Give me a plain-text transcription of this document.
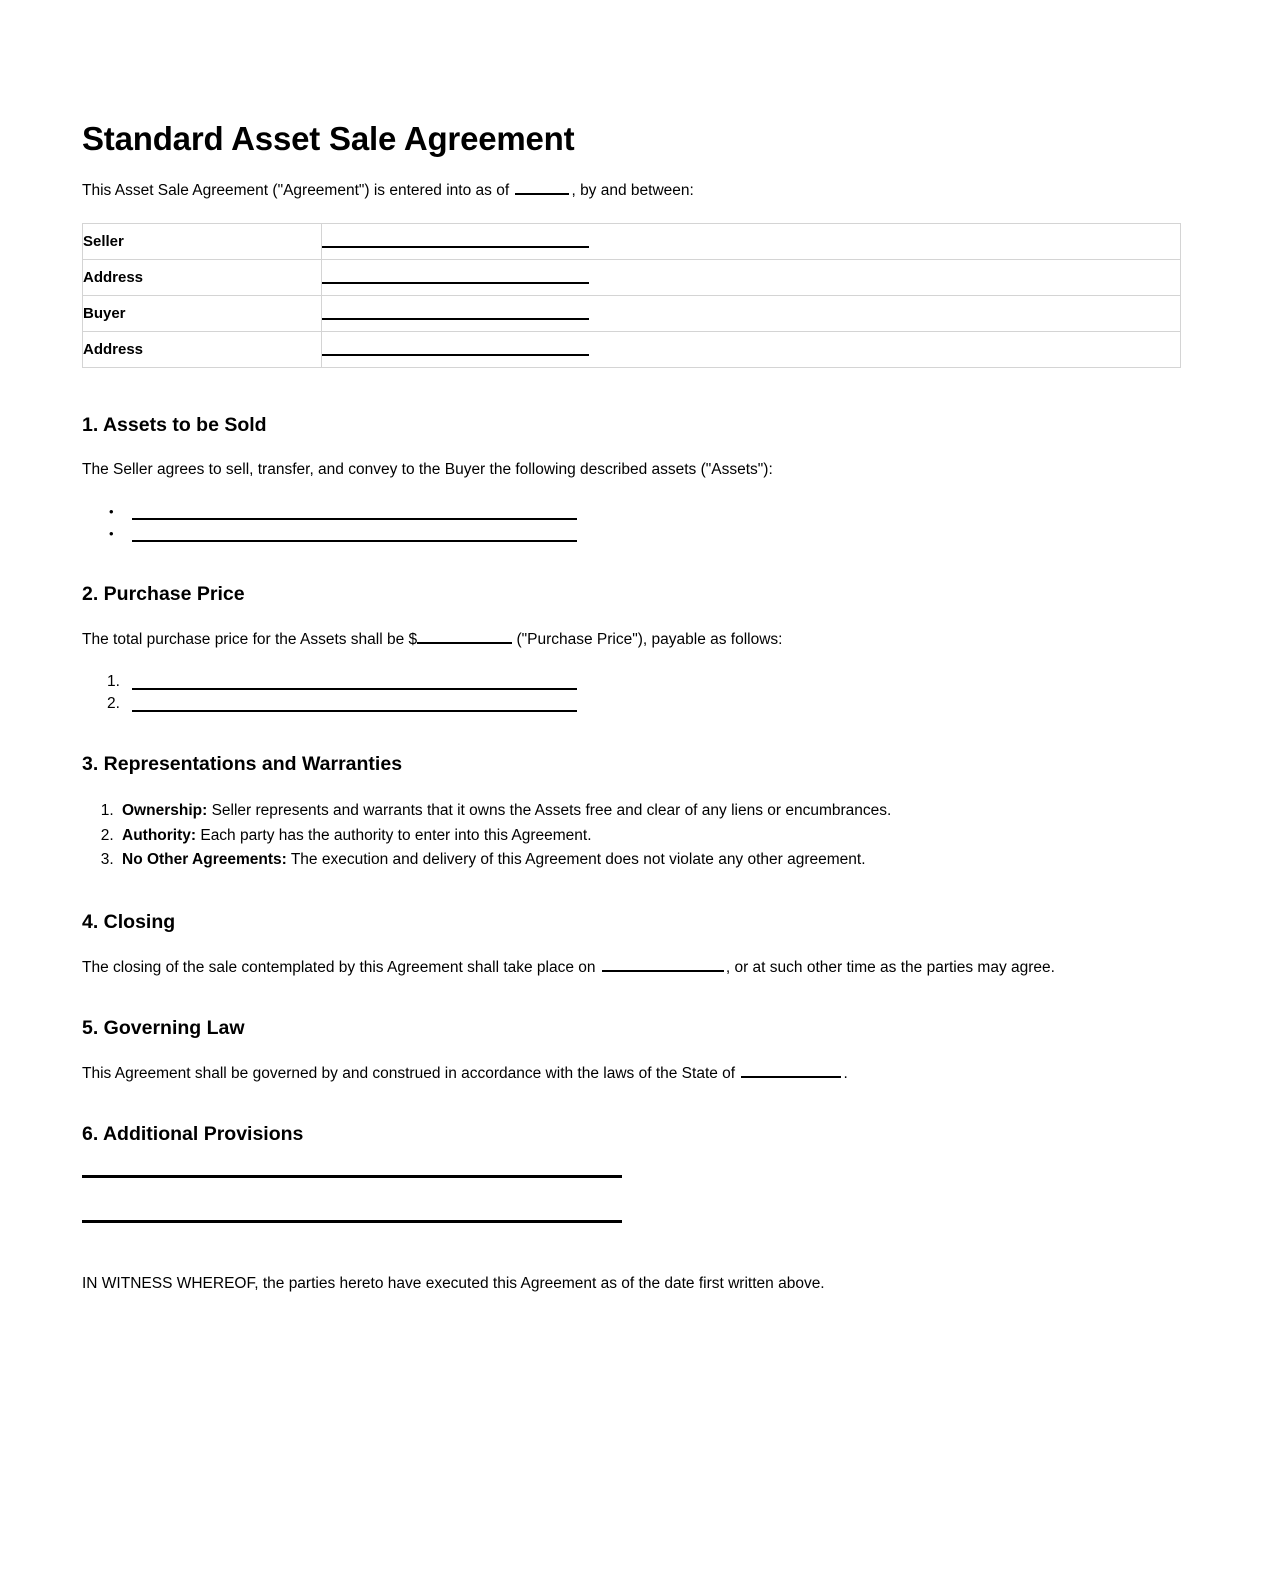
Standard Asset Sale Agreement

This Asset Sale Agreement ("Agreement") is entered into as of	, by and between:

Seller	

Address	

Buyer	

Address	
1. Assets to be Sold

The Seller agrees to sell, transfer, and convey to the Buyer the following described assets ("Assets"):

•
•
2. Purchase Price

The total purchase price for the Assets shall be $	("Purchase Price"), payable as follows:

1.
2.
3. Representations and Warranties
1. Ownership: Seller represents and warrants that it owns the Assets free and clear of any liens or encumbrances.
2. Authority: Each party has the authority to enter into this Agreement.
3. No Other Agreements: The execution and delivery of this Agreement does not violate any other agreement.
4. Closing

The closing of the sale contemplated by this Agreement shall take place on	, or at such other time as the parties may agree.

5. Governing Law

This Agreement shall be governed by and construed in accordance with the laws of the State of	.

6. Additional Provisions

IN WITNESS WHEREOF, the parties hereto have executed this Agreement as of the date first written above.
